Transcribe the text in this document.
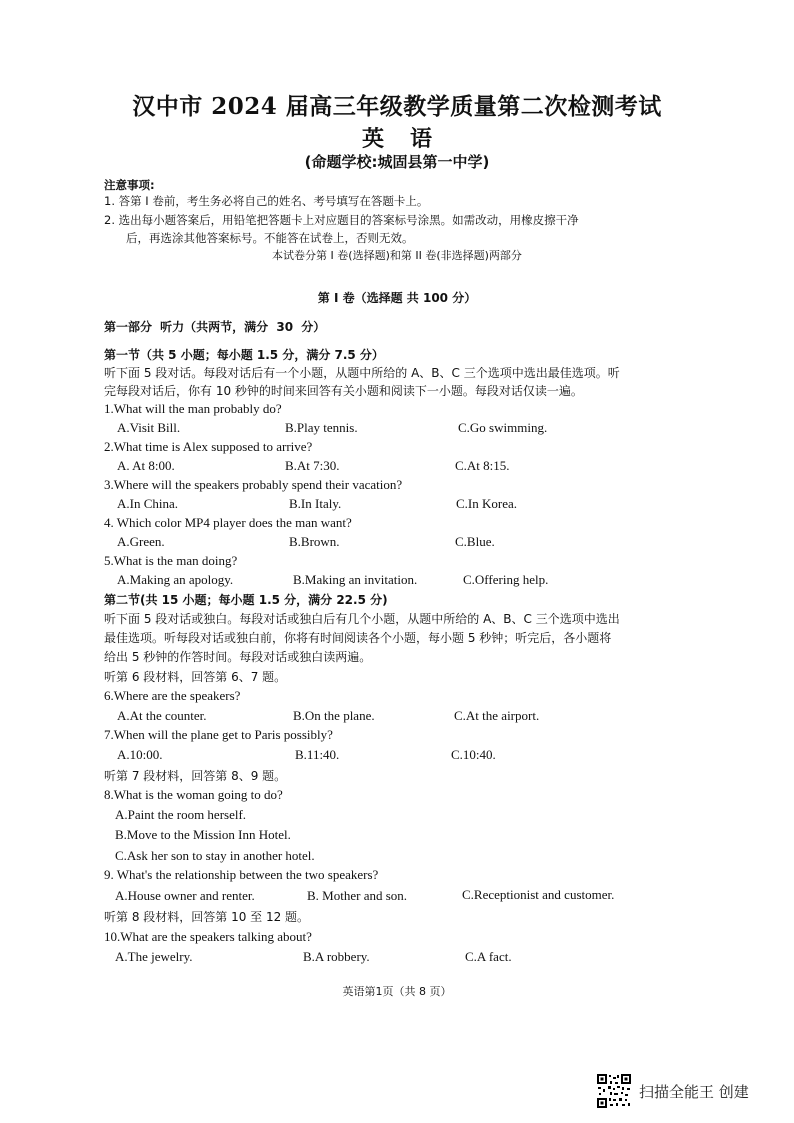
汉中市 2024 届高三年级教学质量第二次检测考试
英语
(命题学校:城固县第一中学)
注意事项:
1. 答第 I 卷前，考生务必将自己的姓名、考号填写在答题卡上。
2. 选出每小题答案后，用铅笔把答题卡上对应题目的答案标号涂黑。如需改动，用橡皮擦干净
后，再选涂其他答案标号。不能答在试卷上，否则无效。
本试卷分第 I 卷(选择题)和第 II 卷(非选择题)两部分
第 I 卷（选择题 共 100 分）
第一部分 听力（共两节，满分 30 分）
第一节（共 5 小题；每小题 1.5 分，满分 7.5 分）
听下面 5 段对话。每段对话后有一个小题，从题中所给的 A、B、C 三个选项中选出最佳选项。听
完每段对话后，你有 10 秒钟的时间来回答有关小题和阅读下一小题。每段对话仅读一遍。
1.What will the man probably do?
A.Visit Bill.	B.Play tennis.	C.Go swimming.
2.What time is Alex supposed to arrive?
A. At 8:00.	B.At 7:30.	C.At 8:15.
3.Where will the speakers probably spend their vacation?
A.In China.	B.In Italy.	C.In Korea.
4. Which color MP4 player does the man want?
A.Green.	B.Brown.	C.Blue.
5.What is the man doing?
A.Making an apology.	B.Making an invitation.	C.Offering help.
第二节(共 15 小题；每小题 1.5 分，满分 22.5 分)
听下面 5 段对话或独白。每段对话或独白后有几个小题，从题中所给的 A、B、C 三个选项中选出
最佳选项。听每段对话或独白前，你将有时间阅读各个小题，每小题 5 秒钟；听完后，各小题将
给出 5 秒钟的作答时间。每段对话或独白读两遍。
听第 6 段材料，回答第 6、7 题。
6.Where are the speakers?
A.At the counter.	B.On the plane.	C.At the airport.
7.When will the plane get to Paris possibly?
A.10:00.	B.11:40.	C.10:40.
听第 7 段材料，回答第 8、9 题。
8.What is the woman going to do?
A.Paint the room herself.
B.Move to the Mission Inn Hotel.
C.Ask her son to stay in another hotel.
9. What's the relationship between the two speakers?
A.House owner and renter.	B. Mother and son.	C.Receptionist and customer.
听第 8 段材料，回答第 10 至 12 题。
10.What are the speakers talking about?
A.The jewelry.	B.A robbery.	C.A fact.
英语第1页（共 8 页）
扫描全能王 创建
